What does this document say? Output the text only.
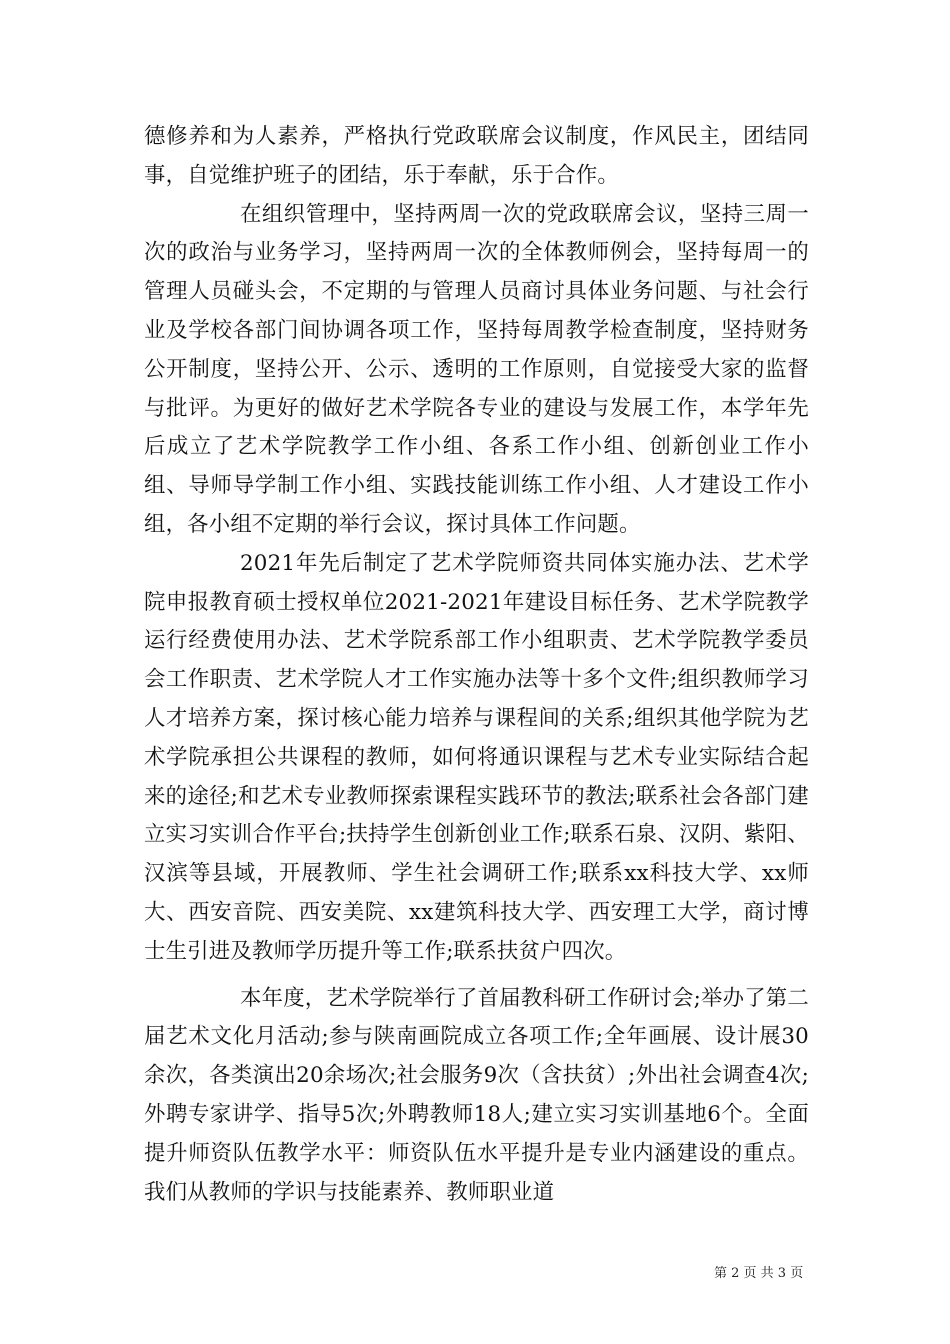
德修养和为人素养，严格执行党政联席会议制度，作风民主，团结同事，自觉维护班子的团结，乐于奉献，乐于合作。

在组织管理中，坚持两周一次的党政联席会议，坚持三周一次的政治与业务学习，坚持两周一次的全体教师例会，坚持每周一的管理人员碰头会，不定期的与管理人员商讨具体业务问题、与社会行业及学校各部门间协调各项工作，坚持每周教学检查制度，坚持财务公开制度，坚持公开、公示、透明的工作原则，自觉接受大家的监督与批评。为更好的做好艺术学院各专业的建设与发展工作，本学年先后成立了艺术学院教学工作小组、各系工作小组、创新创业工作小组、导师导学制工作小组、实践技能训练工作小组、人才建设工作小组，各小组不定期的举行会议，探讨具体工作问题。

2021年先后制定了艺术学院师资共同体实施办法、艺术学院申报教育硕士授权单位2021-2021年建设目标任务、艺术学院教学运行经费使用办法、艺术学院系部工作小组职责、艺术学院教学委员会工作职责、艺术学院人才工作实施办法等十多个文件;组织教师学习人才培养方案，探讨核心能力培养与课程间的关系;组织其他学院为艺术学院承担公共课程的教师，如何将通识课程与艺术专业实际结合起来的途径;和艺术专业教师探索课程实践环节的教法;联系社会各部门建立实习实训合作平台;扶持学生创新创业工作;联系石泉、汉阴、紫阳、汉滨等县域，开展教师、学生社会调研工作;联系xx科技大学、xx师大、西安音院、西安美院、xx建筑科技大学、西安理工大学，商讨博士生引进及教师学历提升等工作;联系扶贫户四次。

本年度，艺术学院举行了首届教科研工作研讨会;举办了第二届艺术文化月活动;参与陕南画院成立各项工作;全年画展、设计展30余次，各类演出20余场次;社会服务9次（含扶贫）;外出社会调查4次;外聘专家讲学、指导5次;外聘教师18人;建立实习实训基地6个。全面提升师资队伍教学水平：师资队伍水平提升是专业内涵建设的重点。我们从教师的学识与技能素养、教师职业道

第 2 页 共 3 页
